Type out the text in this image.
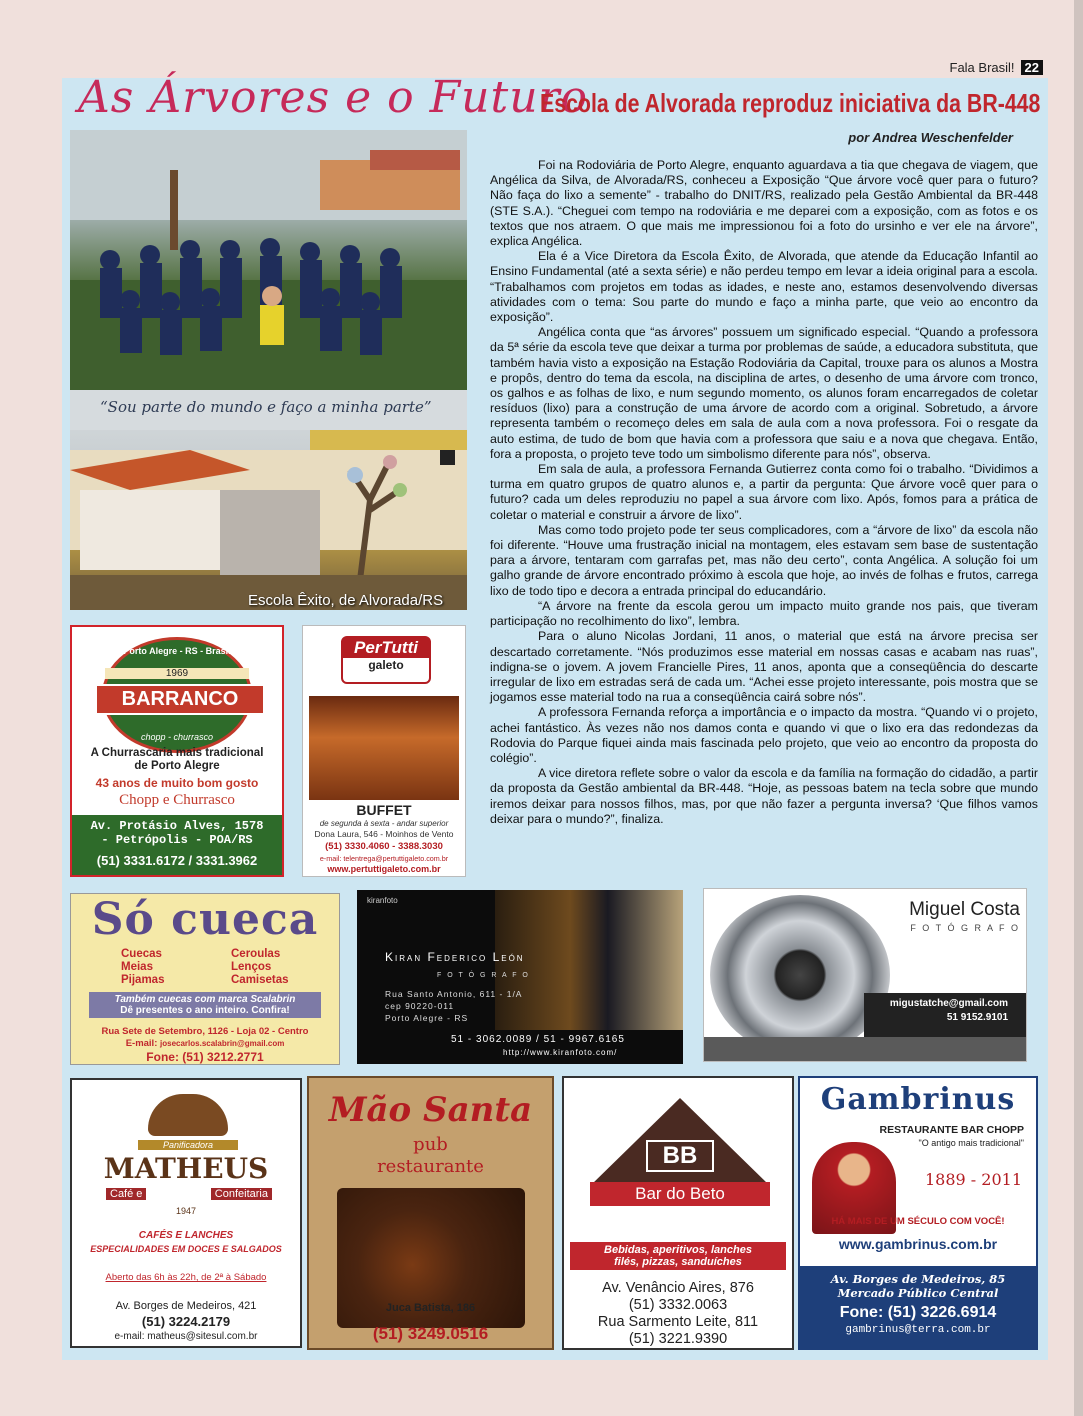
Fala Brasil! 22
As Árvores e o Futuro
Escola de Alvorada reproduz iniciativa da BR-448
por Andrea Weschenfelder
“Sou parte do mundo e faço a minha parte”
Escola Êxito, de Alvorada/RS

Foi na Rodoviária de Porto Alegre, enquanto aguardava a tia que chegava de viagem, que Angélica da Silva, de Alvorada/RS, conheceu a Exposição “Que árvore você quer para o futuro? Não faça do lixo a semente” - trabalho do DNIT/RS, realizado pela Gestão Ambiental da BR-448 (STE S.A.). “Cheguei com tempo na rodoviária e me deparei com a exposição, com as fotos e os textos que nos atraem. O que mais me impressionou foi a foto do ursinho e ver ele na árvore”, explica Angélica.

Ela é a Vice Diretora da Escola Êxito, de Alvorada, que atende da Educação Infantil ao Ensino Fundamental (até a sexta série) e não perdeu tempo em levar a ideia original para a escola. “Trabalhamos com projetos em todas as idades, e neste ano, estamos desenvolvendo diversas atividades com o tema: Sou parte do mundo e faço a minha parte, que veio ao encontro da exposição”.

Angélica conta que “as árvores” possuem um significado especial. “Quando a professora da 5ª série da escola teve que deixar a turma por problemas de saúde, a educadora substituta, que também havia visto a exposição na Estação Rodoviária da Capital, trouxe para os alunos a Mostra e propôs, dentro do tema da escola, na disciplina de artes, o desenho de uma árvore com tronco, os galhos e as folhas de lixo, e num segundo momento, os alunos foram encarregados de coletar resíduos (lixo) para a construção de uma árvore de acordo com a original. Sobretudo, a árvore representa também o recomeço deles em sala de aula com a nova professora. Foi o resgate da auto estima, de tudo de bom que havia com a professora que saiu e a nova que chegava. Então, fora a proposta, o projeto teve todo um simbolismo diferente para nós”, observa.

Em sala de aula, a professora Fernanda Gutierrez conta como foi o trabalho. “Dividimos a turma em quatro grupos de quatro alunos e, a partir da pergunta: Que árvore você quer para o futuro? cada um deles reproduziu no papel a sua árvore com lixo. Após, fomos para a prática de coletar o material e construir a árvore de lixo”.

Mas como todo projeto pode ter seus complicadores, com a “árvore de lixo” da escola não foi diferente. “Houve uma frustração inicial na montagem, eles estavam sem base de sustentação para a árvore, tentaram com garrafas pet, mas não deu certo”, conta Angélica. A solução foi um galho grande de árvore encontrado próximo à escola que hoje, ao invés de folhas e frutos, carrega lixo de todo tipo e decora a entrada principal do educandário.

“A árvore na frente da escola gerou um impacto muito grande nos pais, que tiveram participação no recolhimento do lixo”, lembra.

Para o aluno Nicolas Jordani, 11 anos, o material que está na árvore precisa ser descartado corretamente. “Nós produzimos esse material em nossas casas e acabam nas ruas”, indigna-se o jovem. A jovem Francielle Pires, 11 anos, aponta que a conseqüência do descarte irregular de lixo em estradas será de cada um. “Achei esse projeto interessante, pois mostra que se jogamos esse material todo na rua a conseqüência cairá sobre nós”.

A professora Fernanda reforça a importância e o impacto da mostra. “Quando vi o projeto, achei fantástico. Às vezes não nos damos conta e quando vi que o lixo era das redondezas da Rodovia do Parque fiquei ainda mais fascinada pelo projeto, que veio ao encontro da proposta do colégio”.

A vice diretora reflete sobre o valor da escola e da família na formação do cidadão, a partir da proposta da Gestão ambiental da BR-448. “Hoje, as pessoas batem na tecla sobre que mundo iremos deixar para nossos filhos, mas, por que não fazer a pergunta inversa? ‘Que filhos vamos deixar para o mundo?”, finaliza.

Porto Alegre - RS - Brasil
1969
BARRANCO
chopp - churrasco
A Churrascaria mais tradicional
de Porto Alegre
43 anos de muito bom gosto
Chopp e Churrasco
Av. Protásio Alves, 1578
- Petrópolis - POA/RS
(51) 3331.6172 / 3331.3962
PerTutti
galeto
BUFFET
de segunda à sexta - andar superior
Dona Laura, 546 - Moinhos de Vento
(51) 3330.4060 - 3388.3030
e-mail: telentrega@pertuttigaleto.com.br
www.pertuttigaleto.com.br
Só cueca
Cuecas
Meias
Pijamas
Ceroulas
Lenços
Camisetas
Também cuecas com marca Scalabrin
Dê presentes o ano inteiro. Confira!
Rua Sete de Setembro, 1126 - Loja 02 - Centro
E-mail: josecarlos.scalabrin@gmail.com
Fone: (51) 3212.2771
kiranfoto
Kiran Federico León
F O T Ó G R A F O
Rua Santo Antonio, 611 - 1/A
cep 90220-011
Porto Alegre - RS
51 - 3062.0089 / 51 - 9967.6165
http://www.kiranfoto.com/
Miguel Costa
F O T Ó G R A F O
migustatche@gmail.com
51 9152.9101
Panificadora
MATHEUS
Café e	Confeitaria
1947
CAFÉS E LANCHES
ESPECIALIDADES EM DOCES E SALGADOS
Aberto das 6h às 22h, de 2ª à Sábado
Av. Borges de Medeiros, 421
(51) 3224.2179
e-mail: matheus@sitesul.com.br
Mão Santa
pub
restaurante
Juca Batista, 186
(51) 3249.0516
BB
Bar do Beto
Bebidas, aperitivos, lanches
filés, pizzas, sanduíches
Av. Venâncio Aires, 876
(51) 3332.0063
Rua Sarmento Leite, 811
(51) 3221.9390
Gambrinus
RESTAURANTE BAR CHOPP
"O antigo mais tradicional"
1889 - 2011
HÁ MAIS DE UM SÉCULO COM VOCÊ!
www.gambrinus.com.br
Av. Borges de Medeiros, 85
Mercado Público Central
Fone: (51) 3226.6914
gambrinus@terra.com.br
